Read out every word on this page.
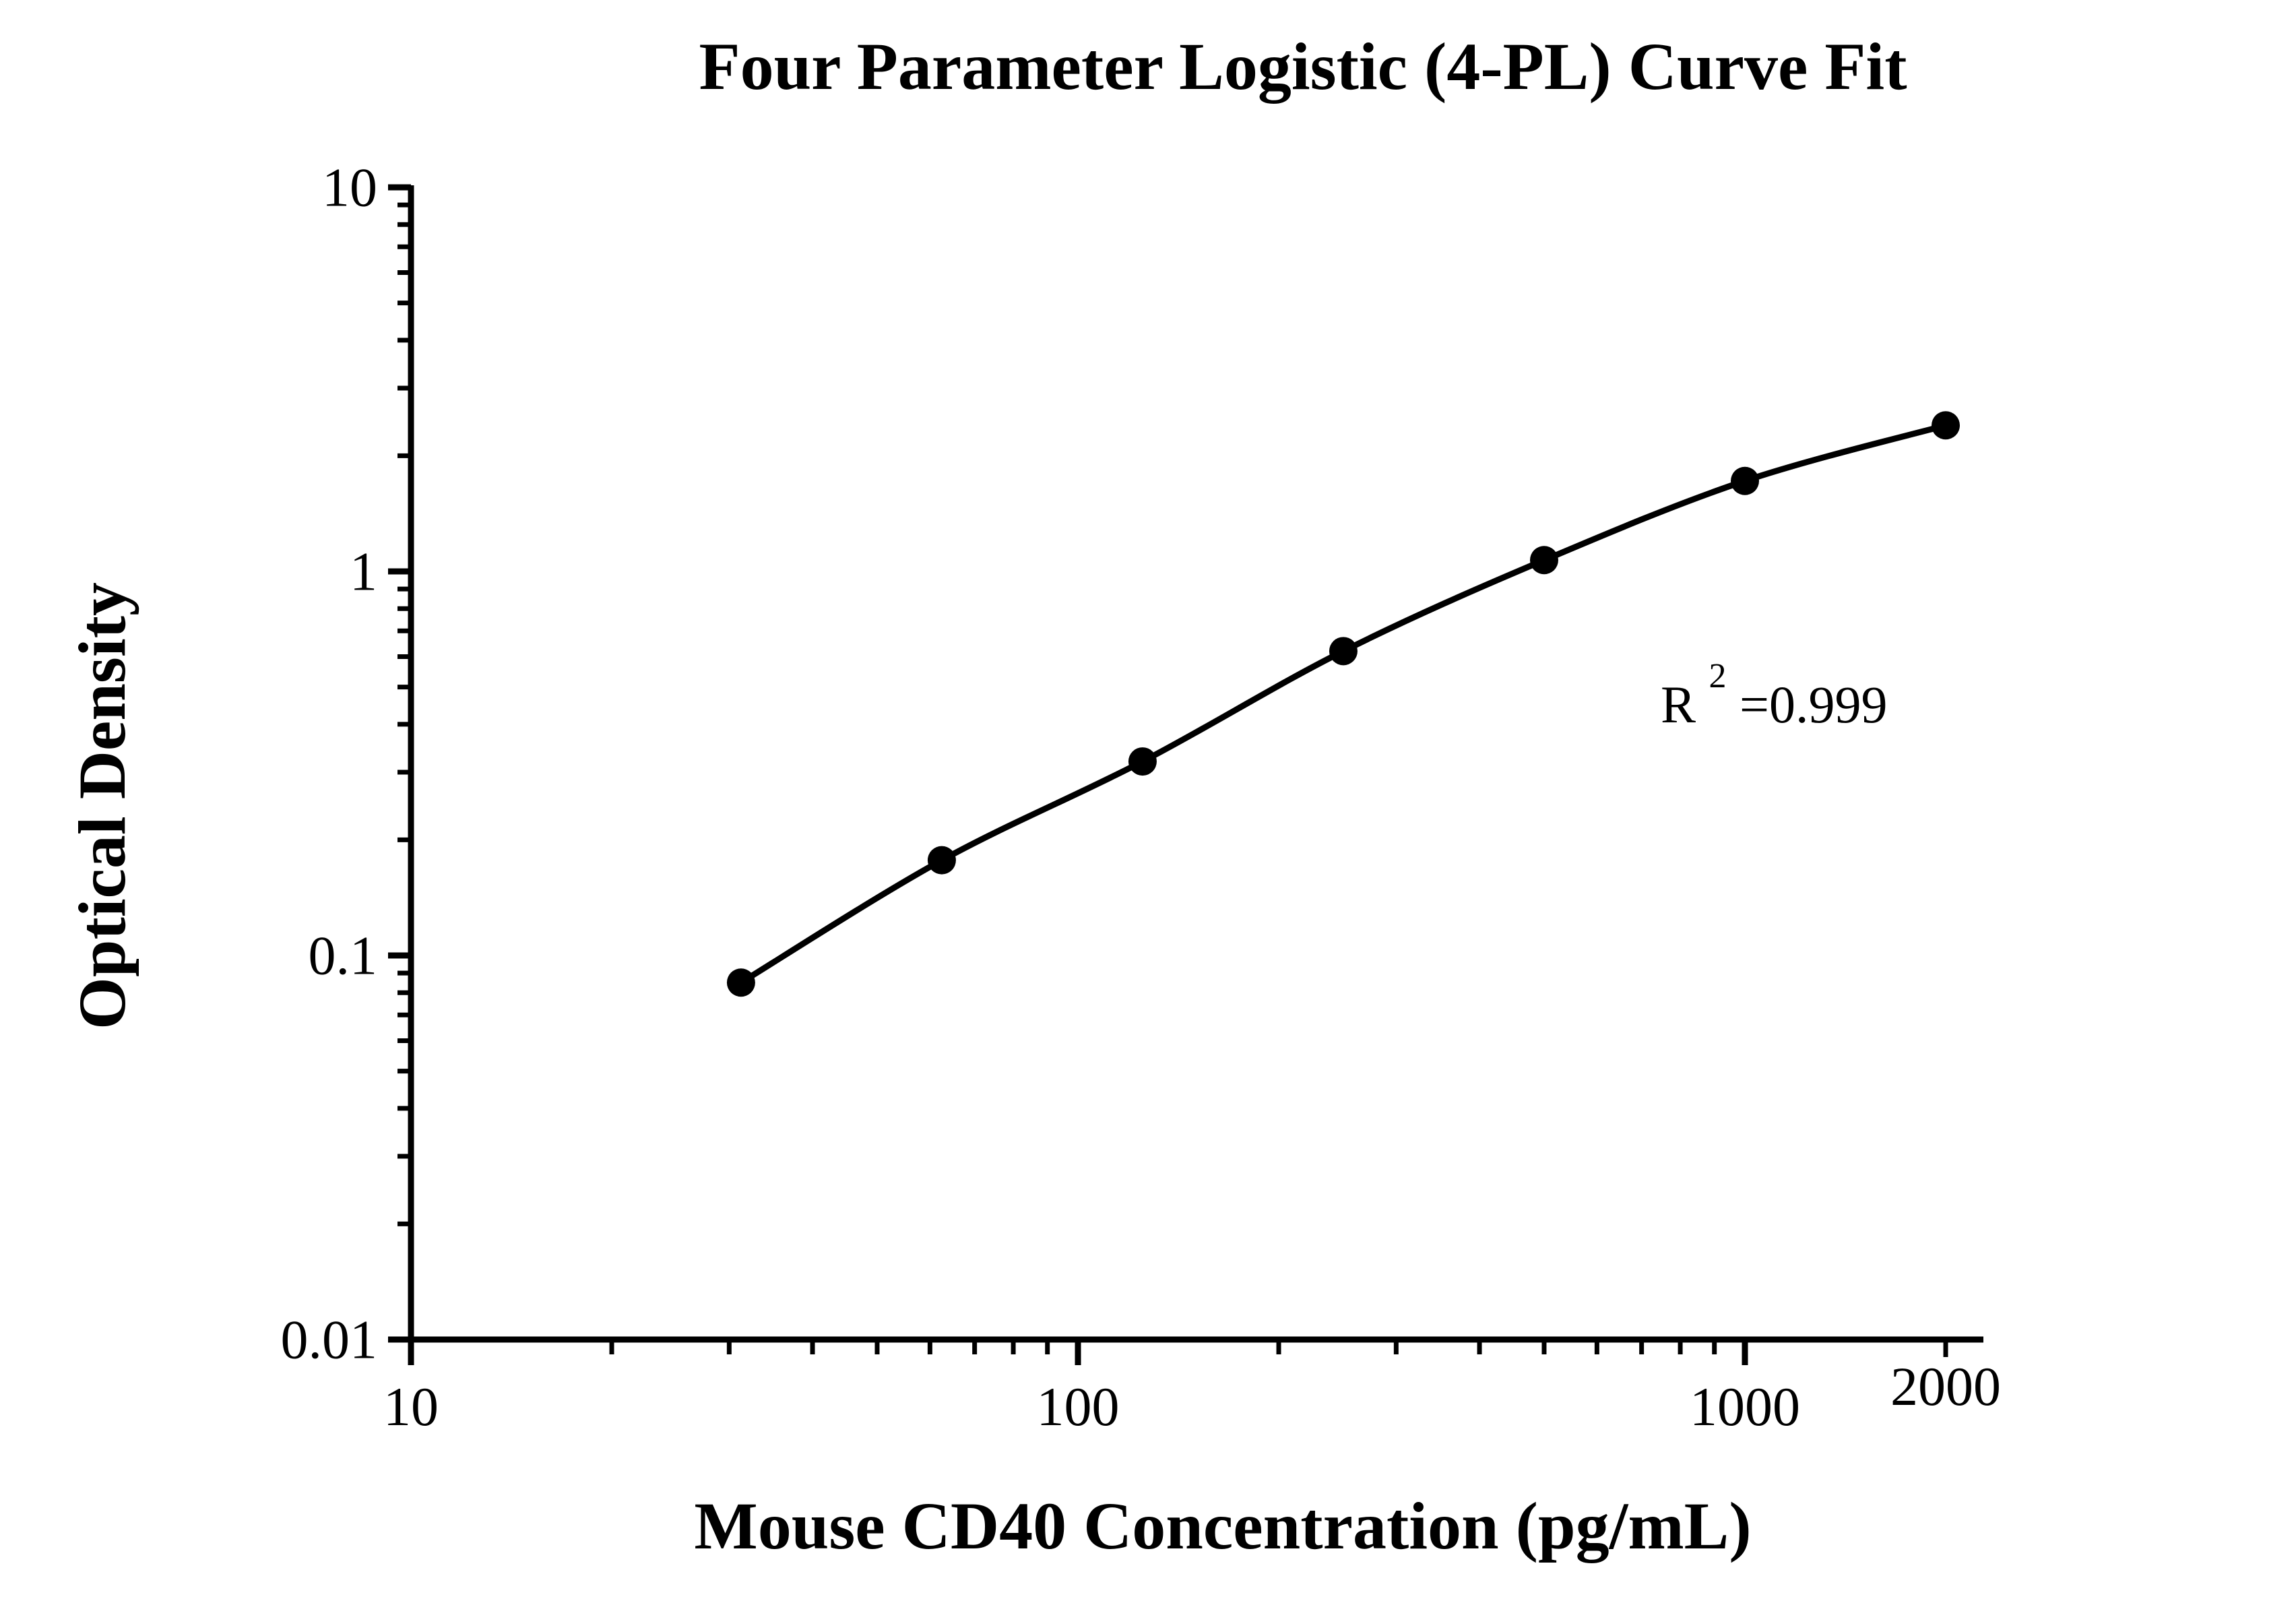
Four Parameter Logistic (4-PL) Curve Fit
Mouse CD40 Concentration (pg/mL)
Optical Density	R $^2$ =0.999
10
1
0.1
0.01
10	100	1000 2000
